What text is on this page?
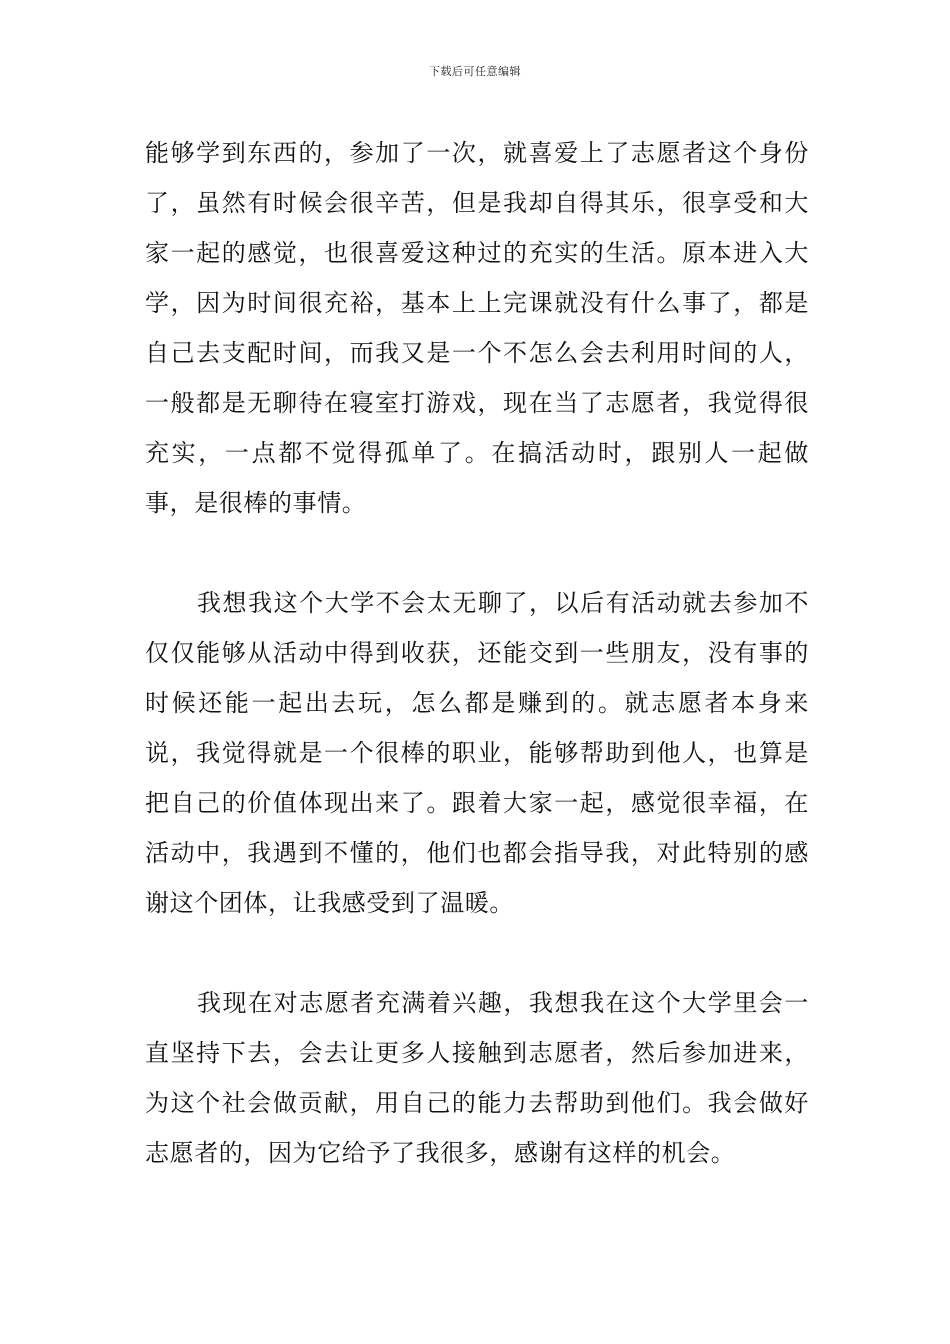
下载后可任意编辑

能够学到东西的，参加了一次，就喜爱上了志愿者这个身份了，虽然有时候会很辛苦，但是我却自得其乐，很享受和大家一起的感觉，也很喜爱这种过的充实的生活。原本进入大学，因为时间很充裕，基本上上完课就没有什么事了，都是自己去支配时间，而我又是一个不怎么会去利用时间的人，一般都是无聊待在寝室打游戏，现在当了志愿者，我觉得很充实，一点都不觉得孤单了。在搞活动时，跟别人一起做事，是很棒的事情。

我想我这个大学不会太无聊了，以后有活动就去参加不仅仅能够从活动中得到收获，还能交到一些朋友，没有事的时候还能一起出去玩，怎么都是赚到的。就志愿者本身来说，我觉得就是一个很棒的职业，能够帮助到他人，也算是把自己的价值体现出来了。跟着大家一起，感觉很幸福，在活动中，我遇到不懂的，他们也都会指导我，对此特别的感谢这个团体，让我感受到了温暖。

我现在对志愿者充满着兴趣，我想我在这个大学里会一直坚持下去，会去让更多人接触到志愿者，然后参加进来，为这个社会做贡献，用自己的能力去帮助到他们。我会做好志愿者的，因为它给予了我很多，感谢有这样的机会。
